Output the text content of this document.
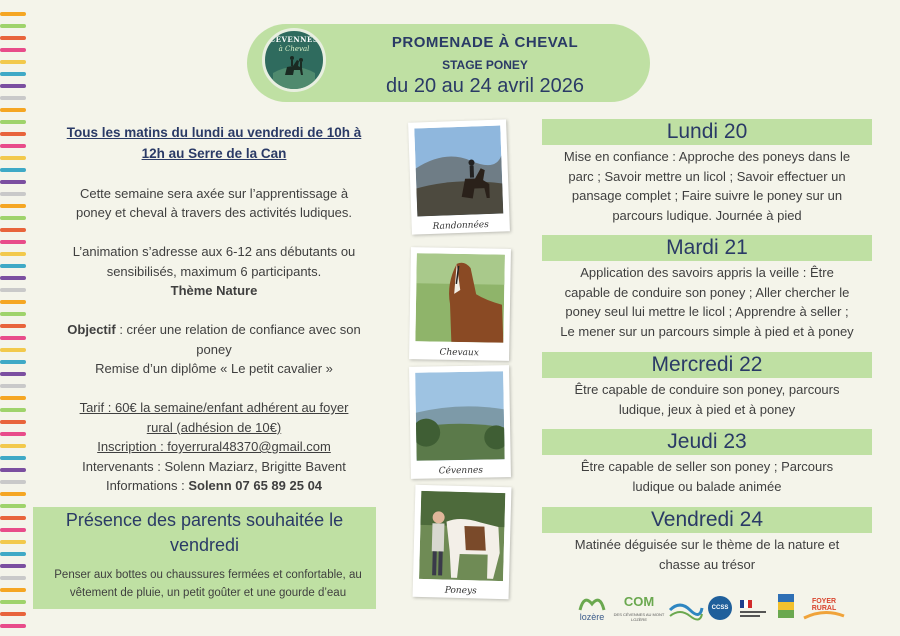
CÉVENNES
à Cheval	PROMENADE À CHEVAL
STAGE PONEY
du 20 au 24 avril 2026

Tous les matins du lundi au vendredi de 10h à

12h au Serre de la Can

Cette semaine sera axée sur l’apprentissage à

poney et cheval à travers des activités ludiques.

L’animation s’adresse aux 6-12 ans débutants ou

sensibilisés, maximum 6 participants.

Thème Nature

Objectif : créer une relation de confiance avec son

poney

Remise d’un diplôme « Le petit cavalier »

Tarif : 60€ la semaine/enfant adhérent au foyer

rural (adhésion de 10€)

Inscription : foyerrural48370@gmail.com

Intervenants : Solenn Maziarz, Brigitte Bavent

Informations : Solenn 07 65 89 25 04

Présence des parents souhaitée le
vendredi
Penser aux bottes ou chaussures fermées et confortable, au
vêtement de pluie, un petit goûter et une gourde d’eau
Randonnées
Chevaux
Cévennes
Poneys
Lundi 20
Mise en confiance : Approche des poneys dans le
parc ; Savoir mettre un licol ; Savoir effectuer un
pansage complet ; Faire suivre le poney sur un
parcours ludique. Journée à pied
Mardi 21
Application des savoirs appris la veille : Être
capable de conduire son poney ; Aller chercher le
poney seul lui mettre le licol ; Apprendre à seller ;
Le mener sur un parcours simple à pied et à poney
Mercredi 22
Être capable de conduire son poney, parcours
ludique, jeux à pied et à poney
Jeudi 23
Être capable de seller son poney ; Parcours
ludique ou balade animée
Vendredi 24
Matinée déguisée sur le thème de la nature et
chasse au trésor
lozère
COM
DES CÉVENNES AU MONT LOZÈRE
CCSS
FOYER RURAL
